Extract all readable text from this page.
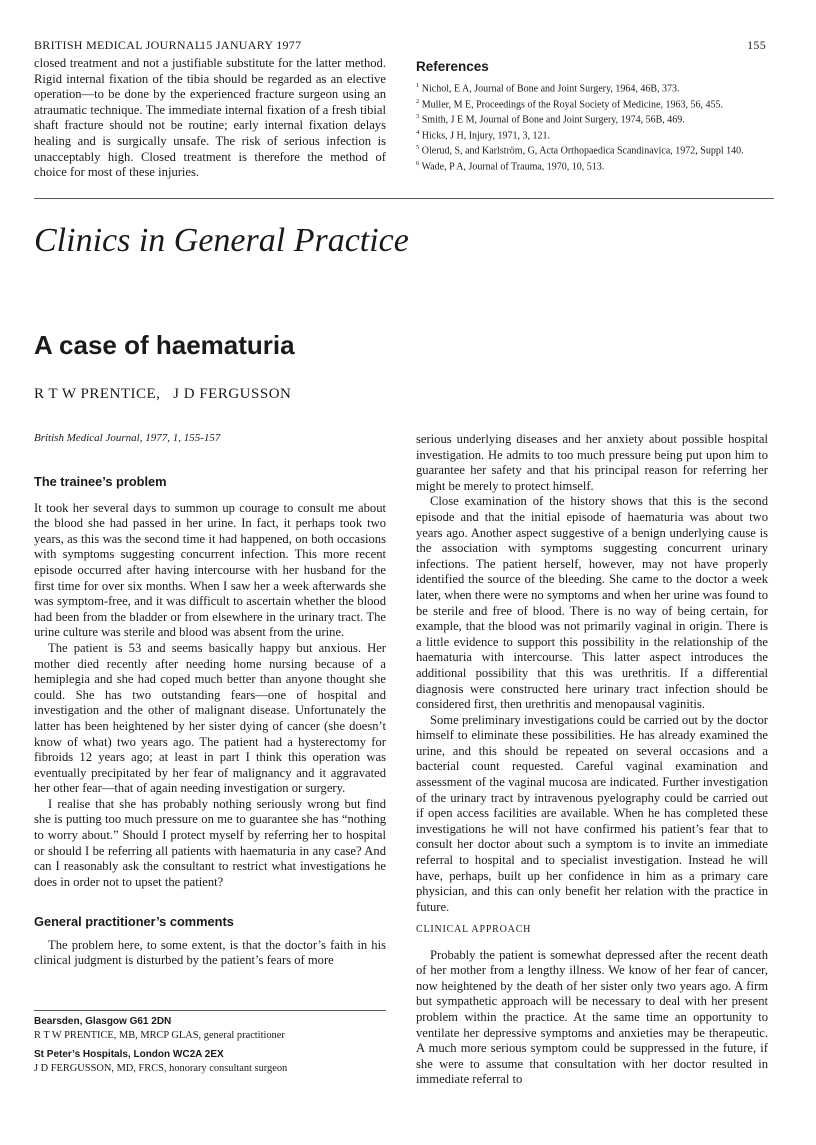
BRITISH MEDICAL JOURNAL
15 JANUARY 1977	155

closed treatment and not a justifiable substitute for the latter method. Rigid internal fixation of the tibia should be regarded as an elective operation—to be done by the experienced fracture surgeon using an atraumatic technique. The immediate internal fixation of a fresh tibial shaft fracture should not be routine; early internal fixation delays healing and is surgically unsafe. The risk of serious infection is unacceptably high. Closed treatment is therefore the method of choice for most of these injuries.

References
$^1$ Nichol, E A, Journal of Bone and Joint Surgery, 1964, 46B, 373.
$^2$ Muller, M E, Proceedings of the Royal Society of Medicine, 1963, 56, 455.
$^3$ Smith, J E M, Journal of Bone and Joint Surgery, 1974, 56B, 469.
$^4$ Hicks, J H, Injury, 1971, 3, 121.
$^5$ Olerud, S, and Karlström, G, Acta Orthopaedica Scandinavica, 1972, Suppl 140.
$^6$ Wade, P A, Journal of Trauma, 1970, 10, 513.
Clinics in General Practice
A case of haematuria
R T W PRENTICE,   J D FERGUSSON
British Medical Journal, 1977, 1, 155-157
The trainee’s problem

It took her several days to summon up courage to consult me about the blood she had passed in her urine. In fact, it perhaps took two years, as this was the second time it had happened, on both occasions with symptoms suggesting concurrent infection. This more recent episode occurred after having intercourse with her husband for the first time for over six months. When I saw her a week afterwards she was symptom-free, and it was difficult to ascertain whether the blood had been from the bladder or from elsewhere in the urinary tract. The urine culture was sterile and blood was absent from the urine.

The patient is 53 and seems basically happy but anxious. Her mother died recently after needing home nursing because of a hemiplegia and she had coped much better than anyone thought she could. She has two outstanding fears—one of hospital and investigation and the other of malignant disease. Unfortunately the latter has been heightened by her sister dying of cancer (she doesn’t know of what) two years ago. The patient had a hysterectomy for fibroids 12 years ago; at least in part I think this operation was eventually precipitated by her fear of malignancy and it aggravated her other fear—that of again needing investigation or surgery.

I realise that she has probably nothing seriously wrong but find she is putting too much pressure on me to guarantee she has “nothing to worry about.” Should I protect myself by referring her to hospital or should I be referring all patients with haematuria in any case? And can I reasonably ask the consultant to restrict what investigations he does in order not to upset the patient?

General practitioner’s comments

The problem here, to some extent, is that the doctor’s faith in his clinical judgment is disturbed by the patient’s fears of more

Bearsden, Glasgow G61 2DN
R T W PRENTICE, MB, MRCP GLAS, general practitioner
St Peter’s Hospitals, London WC2A 2EX
J D FERGUSSON, MD, FRCS, honorary consultant surgeon

serious underlying diseases and her anxiety about possible hospital investigation. He admits to too much pressure being put upon him to guarantee her safety and that his principal reason for referring her might be merely to protect himself.

Close examination of the history shows that this is the second episode and that the initial episode of haematuria was about two years ago. Another aspect suggestive of a benign underlying cause is the association with symptoms suggesting concurrent urinary infections. The patient herself, however, may not have properly identified the source of the bleeding. She came to the doctor a week later, when there were no symptoms and when her urine was found to be sterile and free of blood. There is no way of being certain, for example, that the blood was not primarily vaginal in origin. There is a little evidence to support this possibility in the relationship of the haematuria with intercourse. This latter aspect introduces the additional possibility that this was urethritis. If a differential diagnosis were constructed here urinary tract infection should be considered first, then urethritis and menopausal vaginitis.

Some preliminary investigations could be carried out by the doctor himself to eliminate these possibilities. He has already examined the urine, and this should be repeated on several occasions and a bacterial count requested. Careful vaginal examination and assessment of the vaginal mucosa are indicated. Further investigation of the urinary tract by intravenous pyelography could be carried out if open access facilities are available. When he has completed these investigations he will not have confirmed his patient’s fear that to consult her doctor about such a symptom is to invite an immediate referral to hospital and to specialist investigation. Instead he will have, perhaps, built up her confidence in him as a primary care physician, and this can only benefit her relation with the practice in future.

CLINICAL APPROACH

Probably the patient is somewhat depressed after the recent death of her mother from a lengthy illness. We know of her fear of cancer, now heightened by the death of her sister only two years ago. A firm but sympathetic approach will be necessary to deal with her present problem within the practice. At the same time an opportunity to ventilate her depressive symptoms and anxieties may be therapeutic. A much more serious symptom could be suppressed in the future, if she were to assume that consultation with her doctor resulted in immediate referral to
